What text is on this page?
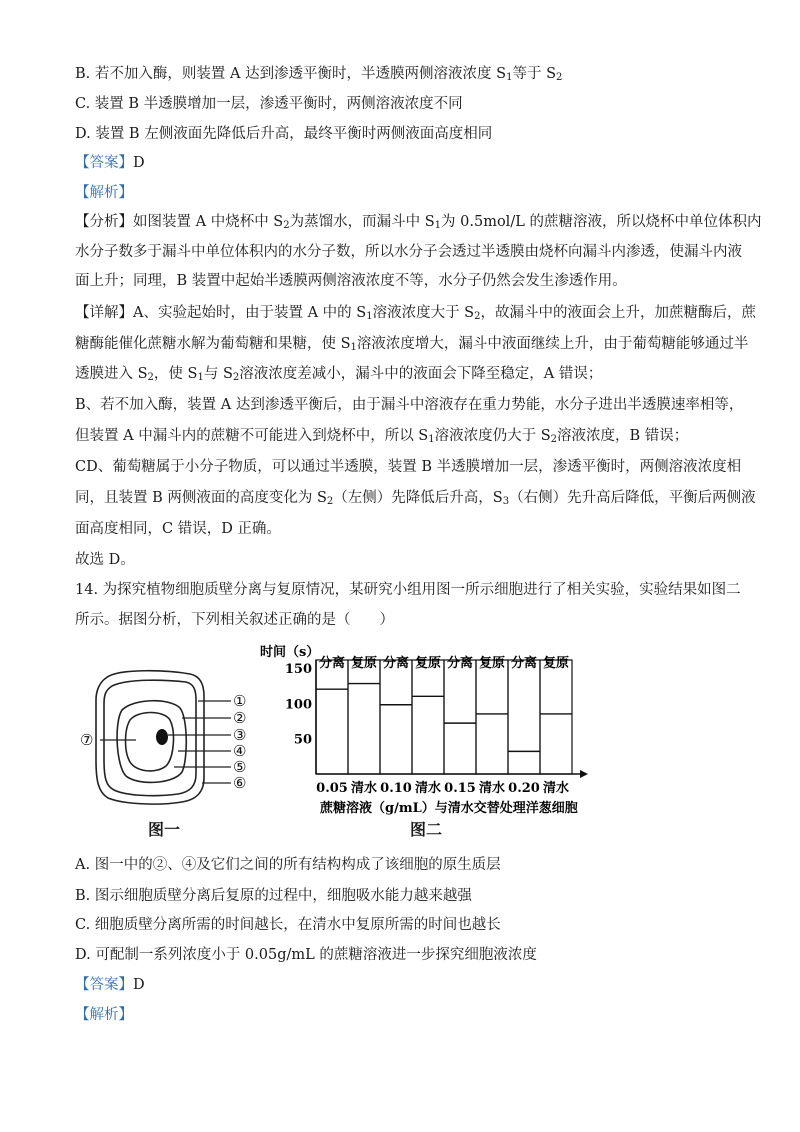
B. 若不加入酶，则装置 A 达到渗透平衡时，半透膜两侧溶液浓度 $S_1$等于 $S_2$
C. 装置 B 半透膜增加一层，渗透平衡时，两侧溶液浓度不同
D. 装置 B 左侧液面先降低后升高，最终平衡时两侧液面高度相同
【答案】D
【解析】
【分析】如图装置 A 中烧杯中 $S_2$为蒸馏水，而漏斗中 $S_1$为 0.5mol/L 的蔗糖溶液，所以烧杯中单位体积内
水分子数多于漏斗中单位体积内的水分子数，所以水分子会透过半透膜由烧杯向漏斗内渗透，使漏斗内液
面上升；同理，B 装置中起始半透膜两侧溶液浓度不等，水分子仍然会发生渗透作用。
【详解】A、实验起始时，由于装置 A 中的 $S_1$溶液浓度大于 $S_2$，故漏斗中的液面会上升，加蔗糖酶后，蔗
糖酶能催化蔗糖水解为葡萄糖和果糖，使 $S_1$溶液浓度增大，漏斗中液面继续上升，由于葡萄糖能够通过半
透膜进入 $S_2$，使 $S_1$与 $S_2$溶液浓度差减小，漏斗中的液面会下降至稳定，A 错误；
B、若不加入酶，装置 A 达到渗透平衡后，由于漏斗中溶液存在重力势能，水分子进出半透膜速率相等，
但装置 A 中漏斗内的蔗糖不可能进入到烧杯中，所以 $S_1$溶液浓度仍大于 $S_2$溶液浓度，B 错误；
CD、葡萄糖属于小分子物质，可以通过半透膜，装置 B 半透膜增加一层，渗透平衡时，两侧溶液浓度相
同，且装置 B 两侧液面的高度变化为 $S_2$（左侧）先降低后升高，$S_3$（右侧）先升高后降低，平衡后两侧液
面高度相同，C 错误，D 正确。
故选 D。
14. 为探究植物细胞质壁分离与复原情况，某研究小组用图一所示细胞进行了相关实验，实验结果如图二
所示。据图分析，下列相关叙述正确的是（　　）
①
②
③
④
⑤
⑥
⑦
图一
时间（s）
150
100
50
分离 复原 分离 复原 分离 复原 分离 复原
0.05 清水 0.10 清水 0.15 清水 0.20 清水
蔗糖溶液（g/mL）与清水交替处理洋葱细胞
图二
A. 图一中的②、④及它们之间的所有结构构成了该细胞的原生质层
B. 图示细胞质壁分离后复原的过程中，细胞吸水能力越来越强
C. 细胞质壁分离所需的时间越长，在清水中复原所需的时间也越长
D. 可配制一系列浓度小于 0.05g/mL 的蔗糖溶液进一步探究细胞液浓度
【答案】D
【解析】
